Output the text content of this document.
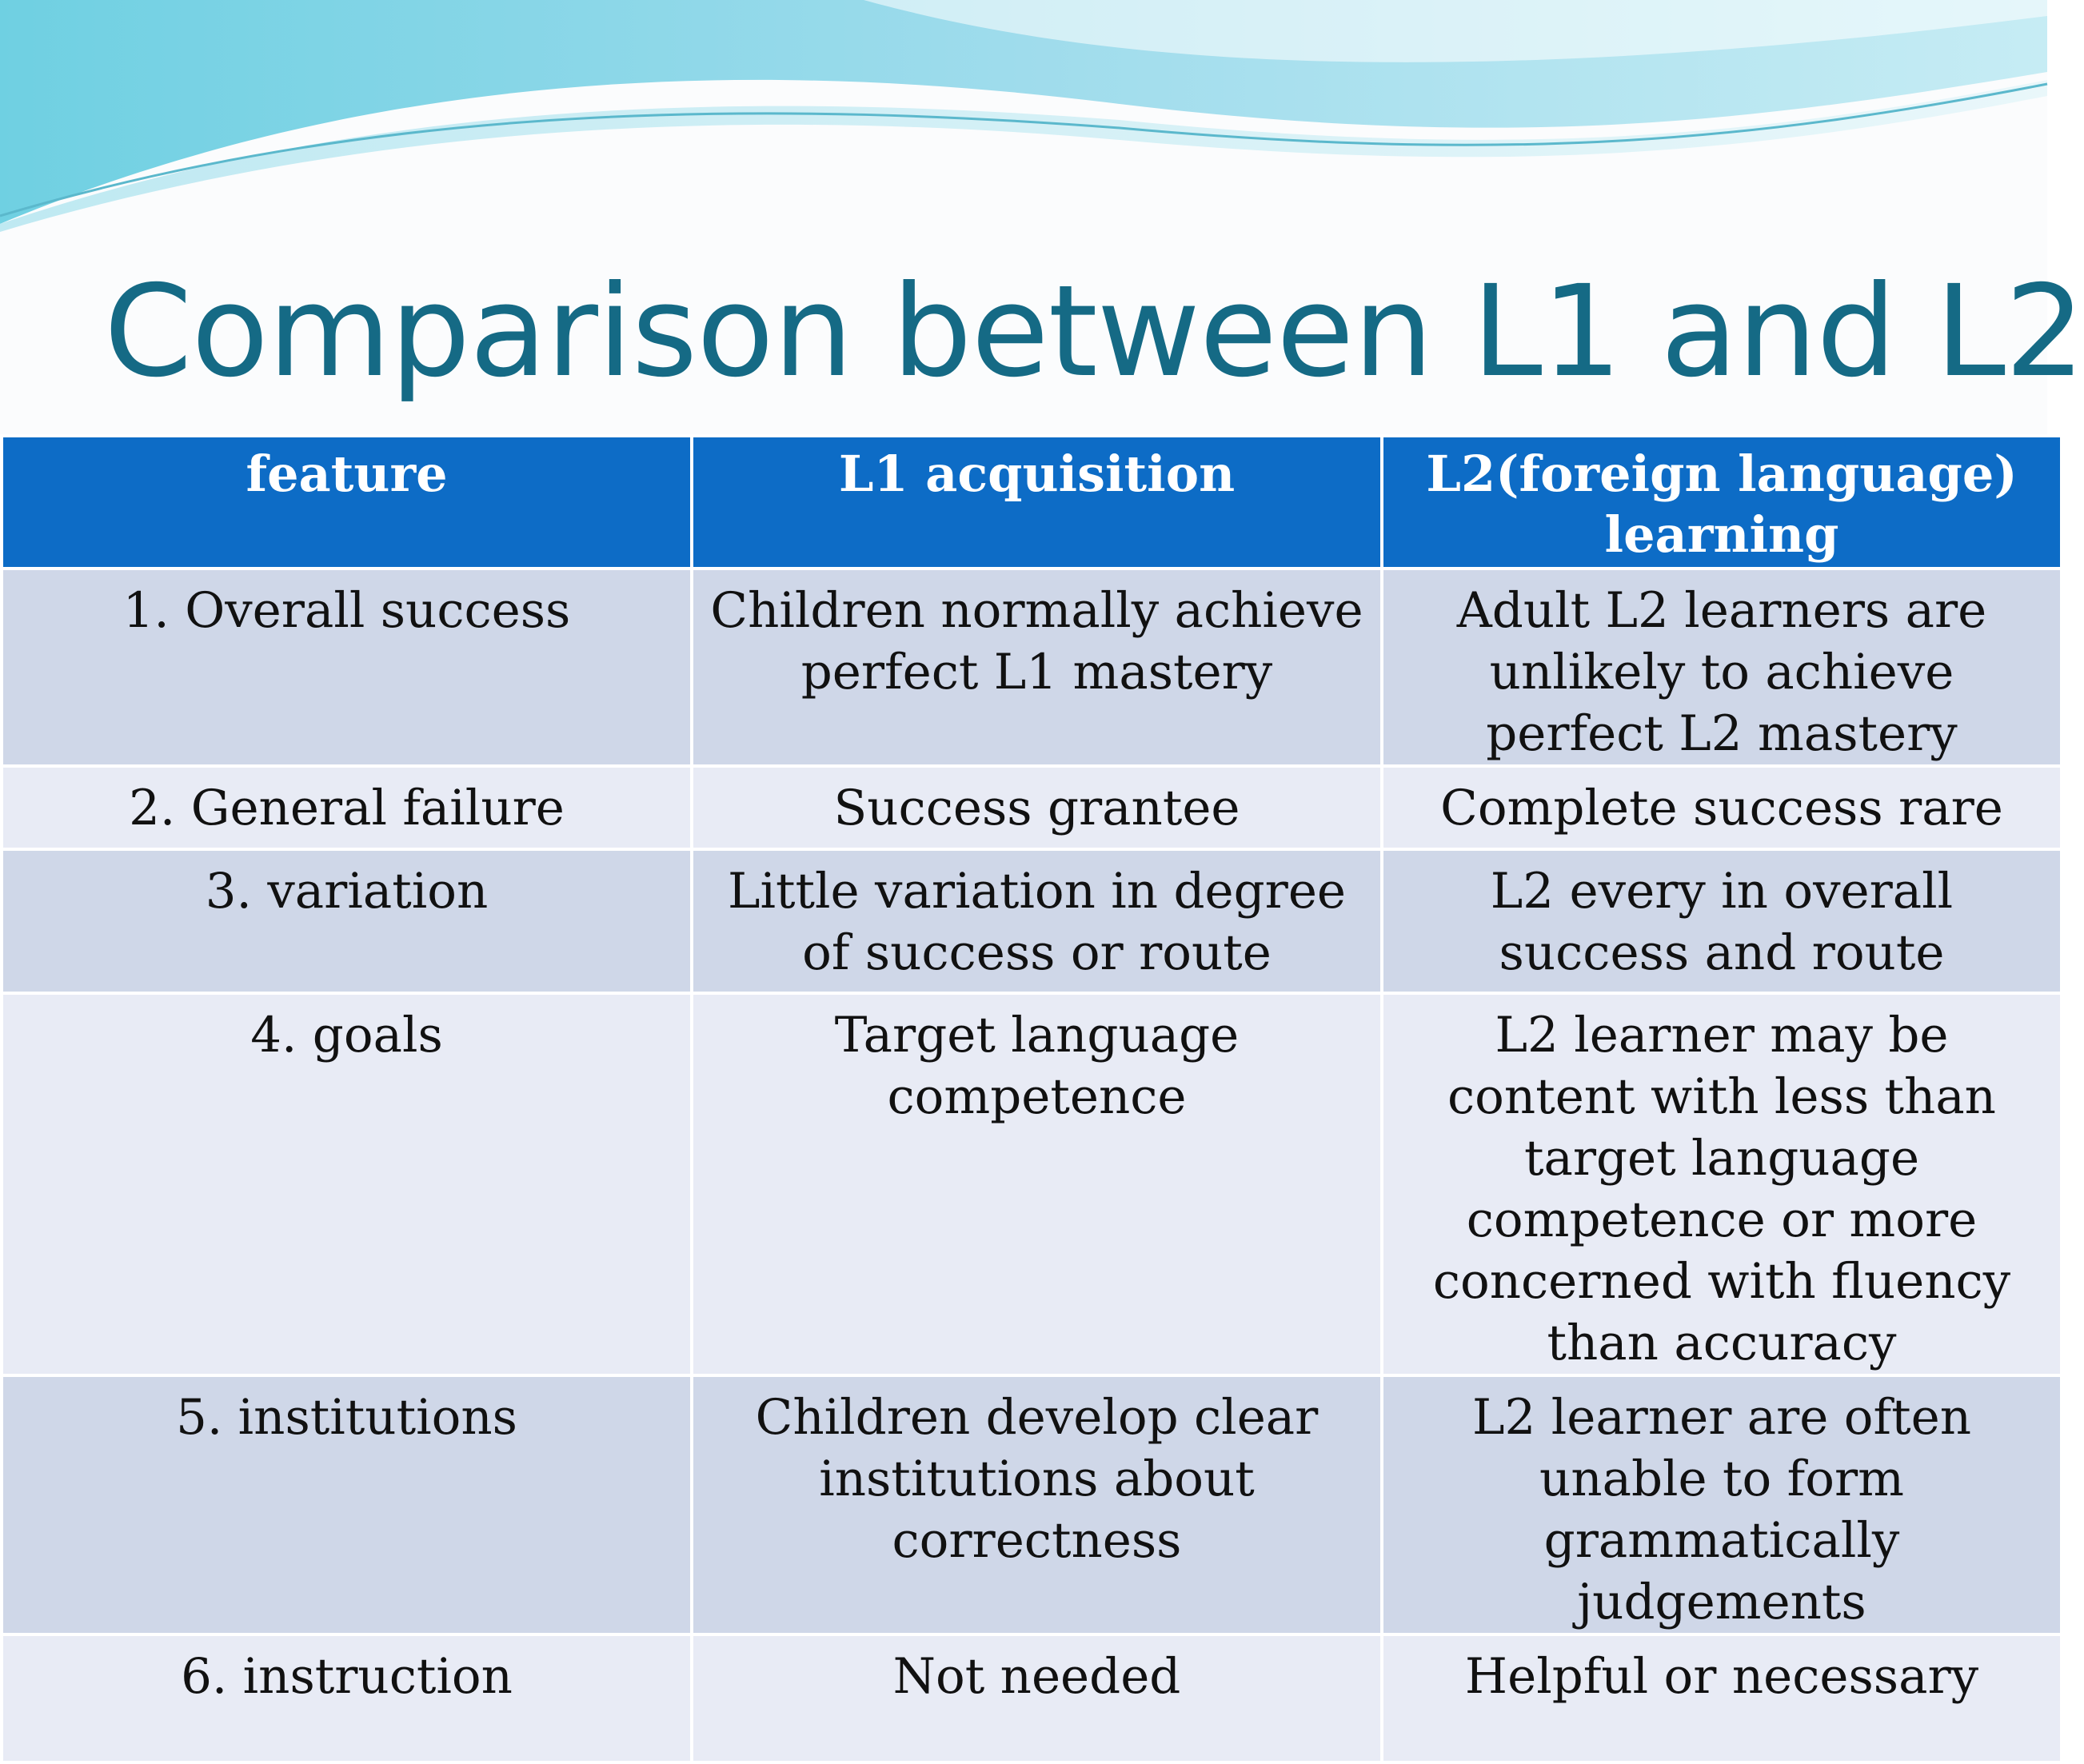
Comparison between L1 and L2
feature	L1 acquisition	L2(foreign language) learning
1. Overall success	Children normally achieve perfect L1 mastery	Adult L2 learners are unlikely to achieve perfect L2 mastery
2. General failure	Success grantee	Complete success rare
3. variation	Little variation in degree of success or route	L2 every in overall success and route
4. goals	Target language competence	L2 learner may be content with less than target language competence or more concerned with fluency than accuracy
5. institutions	Children develop clear institutions about correctness	L2 learner are often unable to form grammatically judgements
6. instruction	Not needed	Helpful or necessary
